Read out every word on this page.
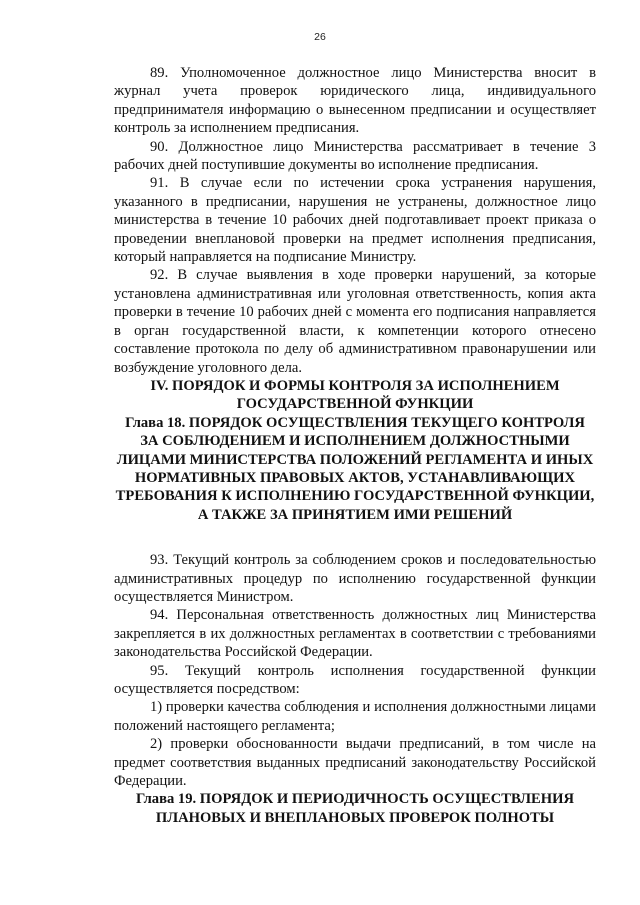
26

89. Уполномоченное должностное лицо Министерства вносит в журнал учета проверок юридического лица, индивидуального предпринимателя информацию о вынесенном предписании и осуществляет контроль за исполнением предписания.

90. Должностное лицо Министерства рассматривает в течение 3 рабочих дней поступившие документы во исполнение предписания.

91. В случае если по истечении срока устранения нарушения, указанного в предписании, нарушения не устранены, должностное лицо министерства в течение 10 рабочих дней подготавливает проект приказа о проведении внеплановой проверки на предмет исполнения предписания, который направляется на подписание Министру.

92. В случае выявления в ходе проверки нарушений, за которые установлена административная или уголовная ответственность, копия акта проверки в течение 10 рабочих дней с момента его подписания направляется в орган государственной власти, к компетенции которого отнесено составление протокола по делу об административном правонарушении или возбуждение уголовного дела.

IV. ПОРЯДОК И ФОРМЫ КОНТРОЛЯ ЗА ИСПОЛНЕНИЕМ
ГОСУДАРСТВЕННОЙ ФУНКЦИИ
Глава 18. ПОРЯДОК ОСУЩЕСТВЛЕНИЯ ТЕКУЩЕГО КОНТРОЛЯ
ЗА СОБЛЮДЕНИЕМ И ИСПОЛНЕНИЕМ ДОЛЖНОСТНЫМИ
ЛИЦАМИ МИНИСТЕРСТВА ПОЛОЖЕНИЙ РЕГЛАМЕНТА И ИНЫХ
НОРМАТИВНЫХ ПРАВОВЫХ АКТОВ, УСТАНАВЛИВАЮЩИХ
ТРЕБОВАНИЯ К ИСПОЛНЕНИЮ ГОСУДАРСТВЕННОЙ ФУНКЦИИ,
А ТАКЖЕ ЗА ПРИНЯТИЕМ ИМИ РЕШЕНИЙ

93. Текущий контроль за соблюдением сроков и последовательностью административных процедур по исполнению государственной функции осуществляется Министром.

94. Персональная ответственность должностных лиц Министерства закрепляется в их должностных регламентах в соответствии с требованиями законодательства Российской Федерации.

95. Текущий контроль исполнения государственной функции осуществляется посредством:

1) проверки качества соблюдения и исполнения должностными лицами положений настоящего регламента;

2) проверки обоснованности выдачи предписаний, в том числе на предмет соответствия выданных предписаний законодательству Российской Федерации.

Глава 19. ПОРЯДОК И ПЕРИОДИЧНОСТЬ ОСУЩЕСТВЛЕНИЯ
ПЛАНОВЫХ И ВНЕПЛАНОВЫХ ПРОВЕРОК ПОЛНОТЫ
